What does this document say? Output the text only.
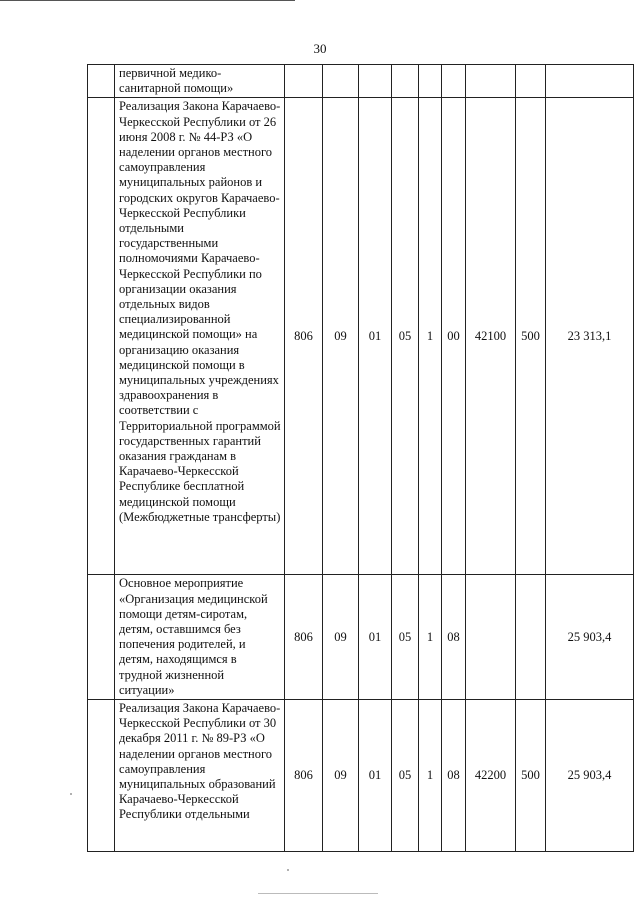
30
	первичной медико-санитарной помощи»									
	Реализация Закона Карачаево-Черкесской Республики от 26 июня 2008 г. № 44-РЗ «О наделении органов местного самоуправления муниципальных районов и городских округов Карачаево-Черкесской Республики отдельными государственными полномочиями Карачаево-Черкесской Республики по организации оказания отдельных видов специализированной медицинской помощи» на организацию оказания медицинской помощи в муниципальных учреждениях здравоохранения в соответствии с Территориальной программой государственных гарантий оказания гражданам в Карачаево-Черкесской Республике бесплатной медицинской помощи (Межбюджетные трансферты)	806	09	01	05	1	00	42100	500	23 313,1
	Основное мероприятие «Организация медицинской помощи детям-сиротам, детям, оставшимся без попечения родителей, и детям, находящимся в трудной жизненной ситуации»	806	09	01	05	1	08			25 903,4
	Реализация Закона Карачаево-Черкесской Республики от 30 декабря 2011 г. № 89-РЗ «О наделении органов местного самоуправления муниципальных образований Карачаево-Черкесской Республики отдельными	806	09	01	05	1	08	42200	500	25 903,4
